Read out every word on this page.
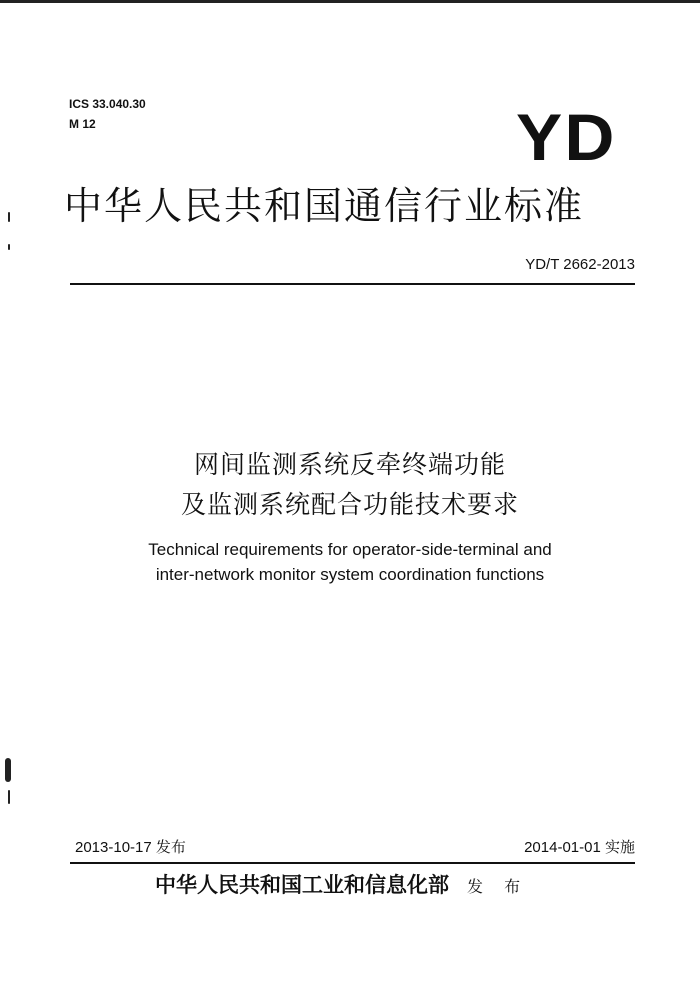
ICS 33.040.30
M 12	YD
中华人民共和国通信行业标准
YD/T 2662-2013
网间监测系统反牵终端功能
及监测系统配合功能技术要求
Technical requirements for operator-side-terminal and
inter-network monitor system coordination functions
2013-10-17 发布	2014-01-01 实施
中华人民共和国工业和信息化部 发 布
